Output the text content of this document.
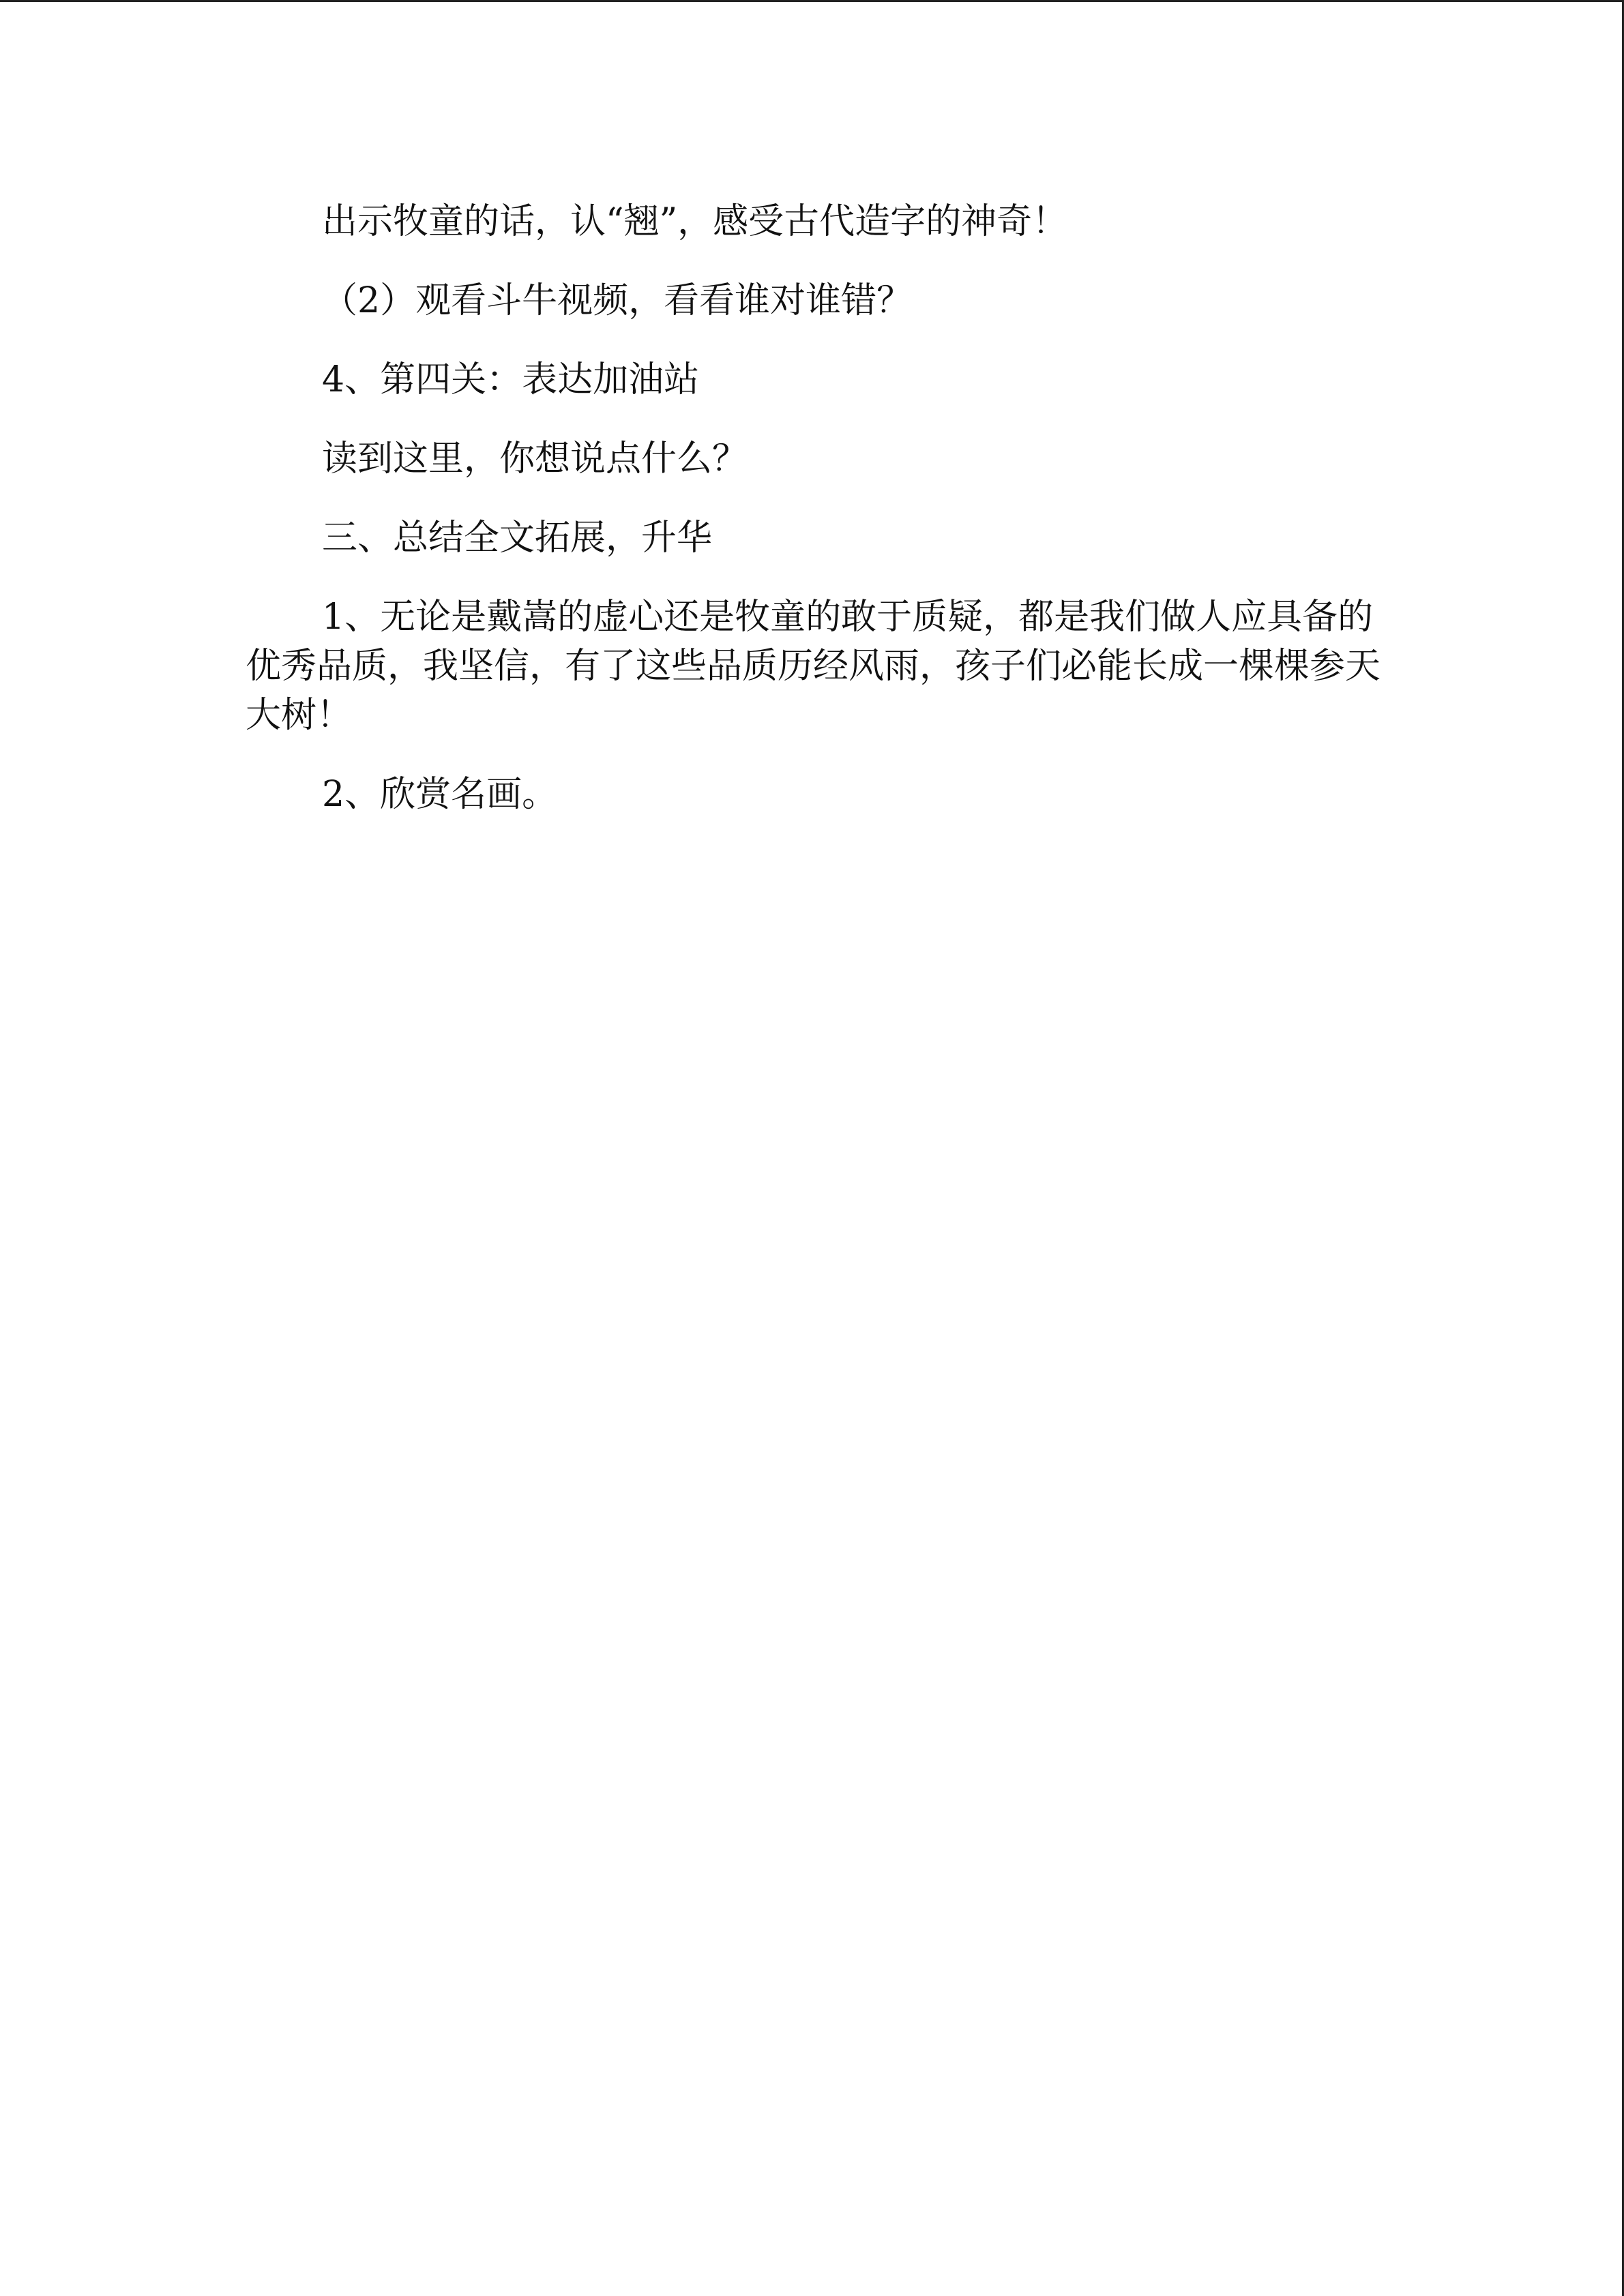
出示牧童的话，认“翘”，感受古代造字的神奇！

（2）观看斗牛视频，看看谁对谁错？

4、第四关：表达加油站

读到这里，你想说点什么？

三、总结全文拓展，升华

1、无论是戴嵩的虚心还是牧童的敢于质疑，都是我们做人应具备的优秀品质，我坚信，有了这些品质历经风雨，孩子们必能长成一棵棵参天大树！

2、欣赏名画。
